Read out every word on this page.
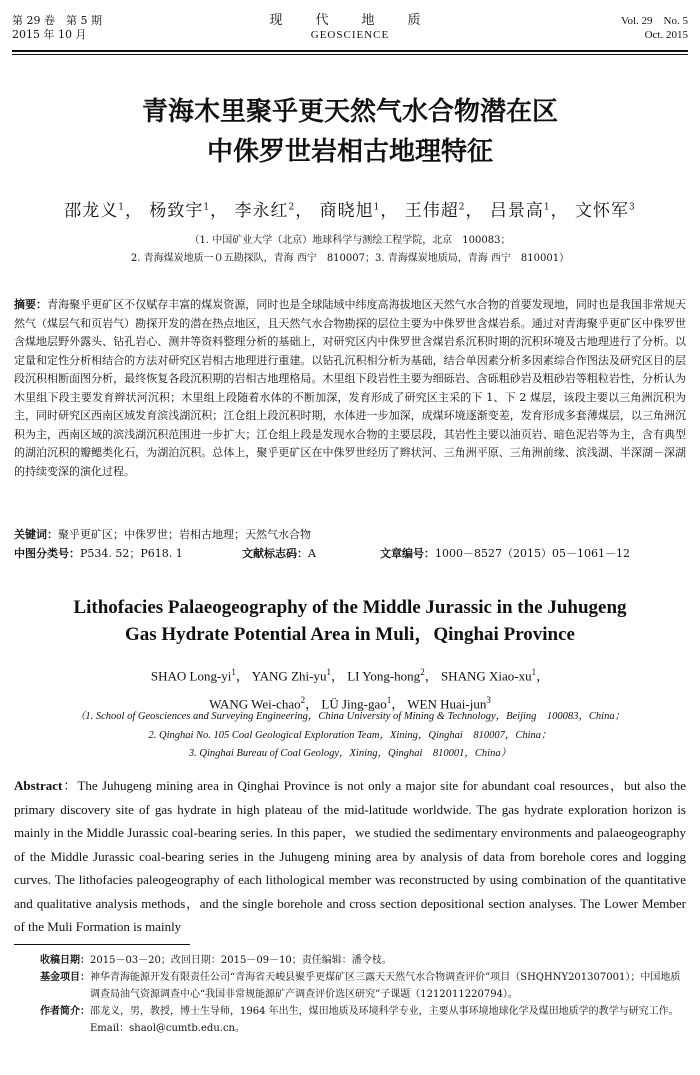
第 29 卷　第 5 期
2015 年 10 月
现　代　地　质
GEOSCIENCE
Vol. 29　No. 5
Oct. 2015
青海木里聚乎更天然气水合物潜在区
中侏罗世岩相古地理特征
邵龙义$^1$， 杨致宇$^1$， 李永红$^2$， 商晓旭$^1$， 王伟超$^2$， 吕景高$^1$， 文怀军$^3$
（1. 中国矿业大学（北京）地球科学与测绘工程学院，北京　100083；
2. 青海煤炭地质一０五勘探队，青海 西宁　810007；3. 青海煤炭地质局，青海 西宁　810001）
摘要：青海聚乎更矿区不仅赋存丰富的煤炭资源，同时也是全球陆域中纬度高海拔地区天然气水合物的首要发现地，同时也是我国非常规天然气（煤层气和页岩气）勘探开发的潜在热点地区，且天然气水合物勘探的层位主要为中侏罗世含煤岩系。通过对青海聚乎更矿区中侏罗世含煤地层野外露头、钻孔岩心、测井等资料整理分析的基础上，对研究区内中侏罗世含煤岩系沉积时期的沉积环境及古地理进行了分析。以定量和定性分析相结合的方法对研究区岩相古地理进行重建。以钻孔沉积相分析为基础，结合单因素分析多因素综合作图法及研究区目的层段沉积相断面图分析，最终恢复各段沉积期的岩相古地理格局。木里组下段岩性主要为细砾岩、含砾粗砂岩及粗砂岩等粗粒岩性，分析认为木里组下段主要发育辫状河沉积；木里组上段随着水体的不断加深，发育形成了研究区主采的下 1、下 2 煤层，该段主要以三角洲沉积为主，同时研究区西南区域发育滨浅湖沉积；江仓组上段沉积时期，水体进一步加深，成煤环境逐渐变差，发育形成多套薄煤层，以三角洲沉积为主，西南区域的滨浅湖沉积范围进一步扩大；江仓组上段是发现水合物的主要层段，其岩性主要以油页岩、暗色泥岩等为主，含有典型的湖泊沉积的瓣鳃类化石，为湖泊沉积。总体上，聚乎更矿区在中侏罗世经历了辫状河、三角洲平原、三角洲前缘、滨浅湖、半深湖－深湖的持续变深的演化过程。
关键词：聚乎更矿区；中侏罗世；岩相古地理；天然气水合物
中图分类号：P534. 52；P618. 1	文献标志码：A	文章编号：1000－8527（2015）05－1061－12
Lithofacies Palaeogeography of the Middle Jurassic in the Juhugeng
Gas Hydrate Potential Area in Muli，Qinghai Province
SHAO Long-$yi^1$， YANG Zhi-$yu^1$， LI Yong-hong$^2$， SHANG Xiao-$xu^1$，
WANG Wei-chao$^2$， LÜ Jing-gao$^1$， WEN Huai-jun$^3$
（1. School of Geosciences and Surveying Engineering，China University of Mining & Technology，Beijing　100083，China；
2. Qinghai No. 105 Coal Geological Exploration Team，Xining，Qinghai　810007，China；
3. Qinghai Bureau of Coal Geology，Xining，Qinghai　810001，China）
Abstract：The Juhugeng mining area in Qinghai Province is not only a major site for abundant coal resources，but also the primary discovery site of gas hydrate in high plateau of the mid-latitude worldwide. The gas hydrate exploration horizon is mainly in the Middle Jurassic coal-bearing series. In this paper，we studied the sedimentary environments and palaeogeography of the Middle Jurassic coal-bearing series in the Juhugeng mining area by analysis of data from borehole cores and logging curves. The lithofacies paleogeography of each lithological member was reconstructed by using combination of the quantitative and qualitative analysis methods，and the single borehole and cross section depositional section analyses. The Lower Member of the Muli Formation is mainly
收稿日期： 2015－03－20；改回日期：2015－09－10；责任编辑：潘令枝。
基金项目： 神华青海能源开发有限责任公司“青海省天峻县聚乎更煤矿区三露天天然气水合物调查评价”项目（SHQHNY201307001）；中国地质调查局油气资源调查中心“我国非常规能源矿产调查评价选区研究”子课题（1212011220794）。
作者简介： 邵龙义，男，教授，博士生导师，1964 年出生，煤田地质及环境科学专业，主要从事环境地球化学及煤田地质学的教学与研究工作。Email：shaol@cumtb.edu.cn。
